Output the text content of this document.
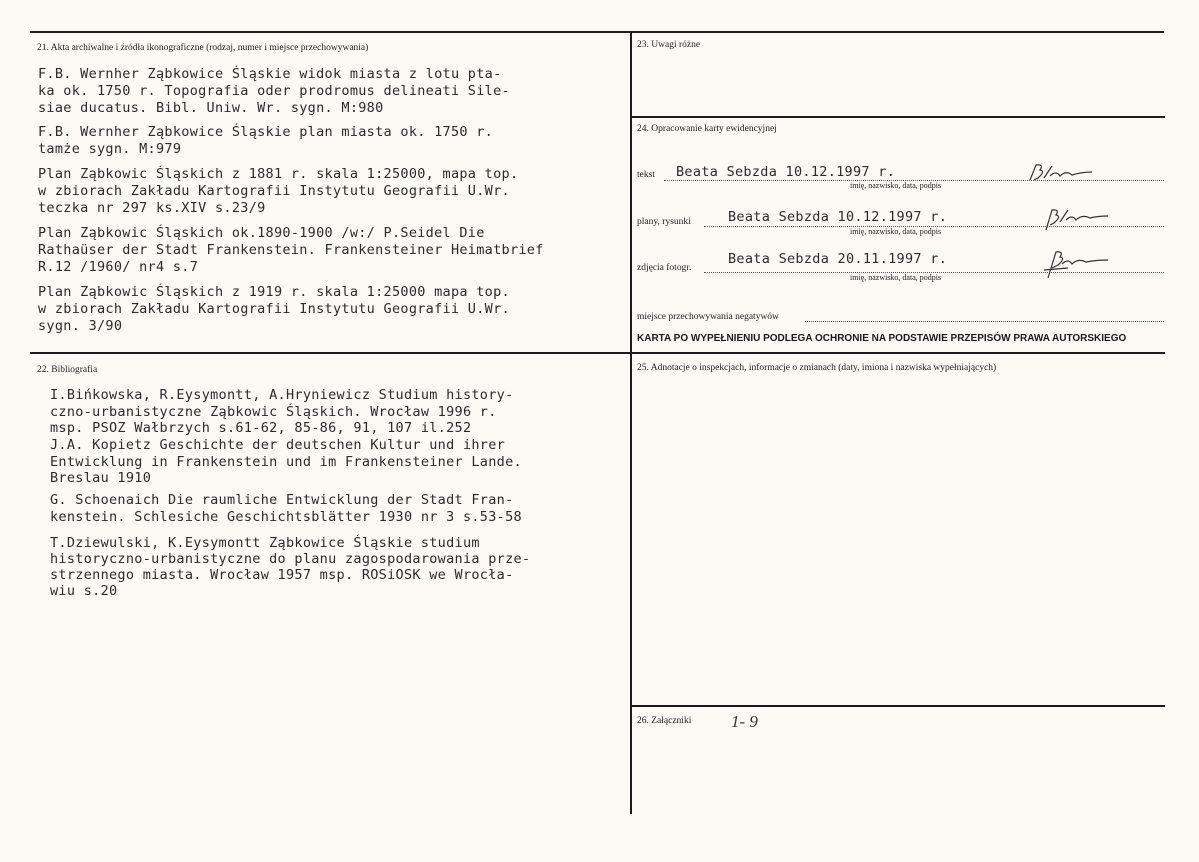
21. Akta archiwalne i źródła ikonograficzne (rodzaj, numer i miejsce przechowywania)
F.B. Wernher Ząbkowice Śląskie widok miasta z lotu pta-
ka ok. 1750 r. Topografia oder prodromus delineati Sile-
siae ducatus. Bibl. Uniw. Wr. sygn. M:980
F.B. Wernher Ząbkowice Śląskie plan miasta ok. 1750 r.
tamże sygn. M:979
Plan Ząbkowic Śląskich z 1881 r. skala 1:25000, mapa top.
w zbiorach Zakładu Kartografii Instytutu Geografii U.Wr.
teczka nr 297 ks.XIV s.23/9
Plan Ząbkowic Śląskich ok.1890-1900 /w:/ P.Seidel Die
Rathaüser der Stadt Frankenstein. Frankensteiner Heimatbrief
R.12 /1960/ nr4 s.7
Plan Ząbkowic Śląskich z 1919 r. skala 1:25000 mapa top.
w zbiorach Zakładu Kartografii Instytutu Geografii U.Wr.
sygn. 3/90
22. Bibliografia
I.Bińkowska, R.Eysymontt, A.Hryniewicz Studium history-
czno-urbanistyczne Ząbkowic Śląskich. Wrocław 1996 r.
msp. PSOZ Wałbrzych s.61-62, 85-86, 91, 107 il.252
J.A. Kopietz Geschichte der deutschen Kultur und ihrer
Entwicklung in Frankenstein und im Frankensteiner Lande.
Breslau 1910
G. Schoenaich Die raumliche Entwicklung der Stadt Fran-
kenstein. Schlesiche Geschichtsblätter 1930 nr 3 s.53-58
T.Dziewulski, K.Eysymontt Ząbkowice Śląskie studium
historyczno-urbanistyczne do planu zagospodarowania prze-
strzennego miasta. Wrocław 1957 msp. ROSiOSK we Wrocła-
wiu s.20
23. Uwagi różne
24. Opracowanie karty ewidencyjnej
tekst Beata Sebzda 10.12.1997 r.
imię, nazwisko, data, podpis
plany, rysunki	Beata Sebzda 10.12.1997 r.
imię, nazwisko, data, podpis
zdjęcia fotogr.
Beata Sebzda 20.11.1997 r.
imię, nazwisko, data, podpis
miejsce przechowywania negatywów
KARTA PO WYPEŁNIENIU PODLEGA OCHRONIE NA PODSTAWIE PRZEPISÓW PRAWA AUTORSKIEGO
25. Adnotacje o inspekcjach, informacje o zmianach (daty, imiona i nazwiska wypełniających)
26. Załączniki 1- 9
